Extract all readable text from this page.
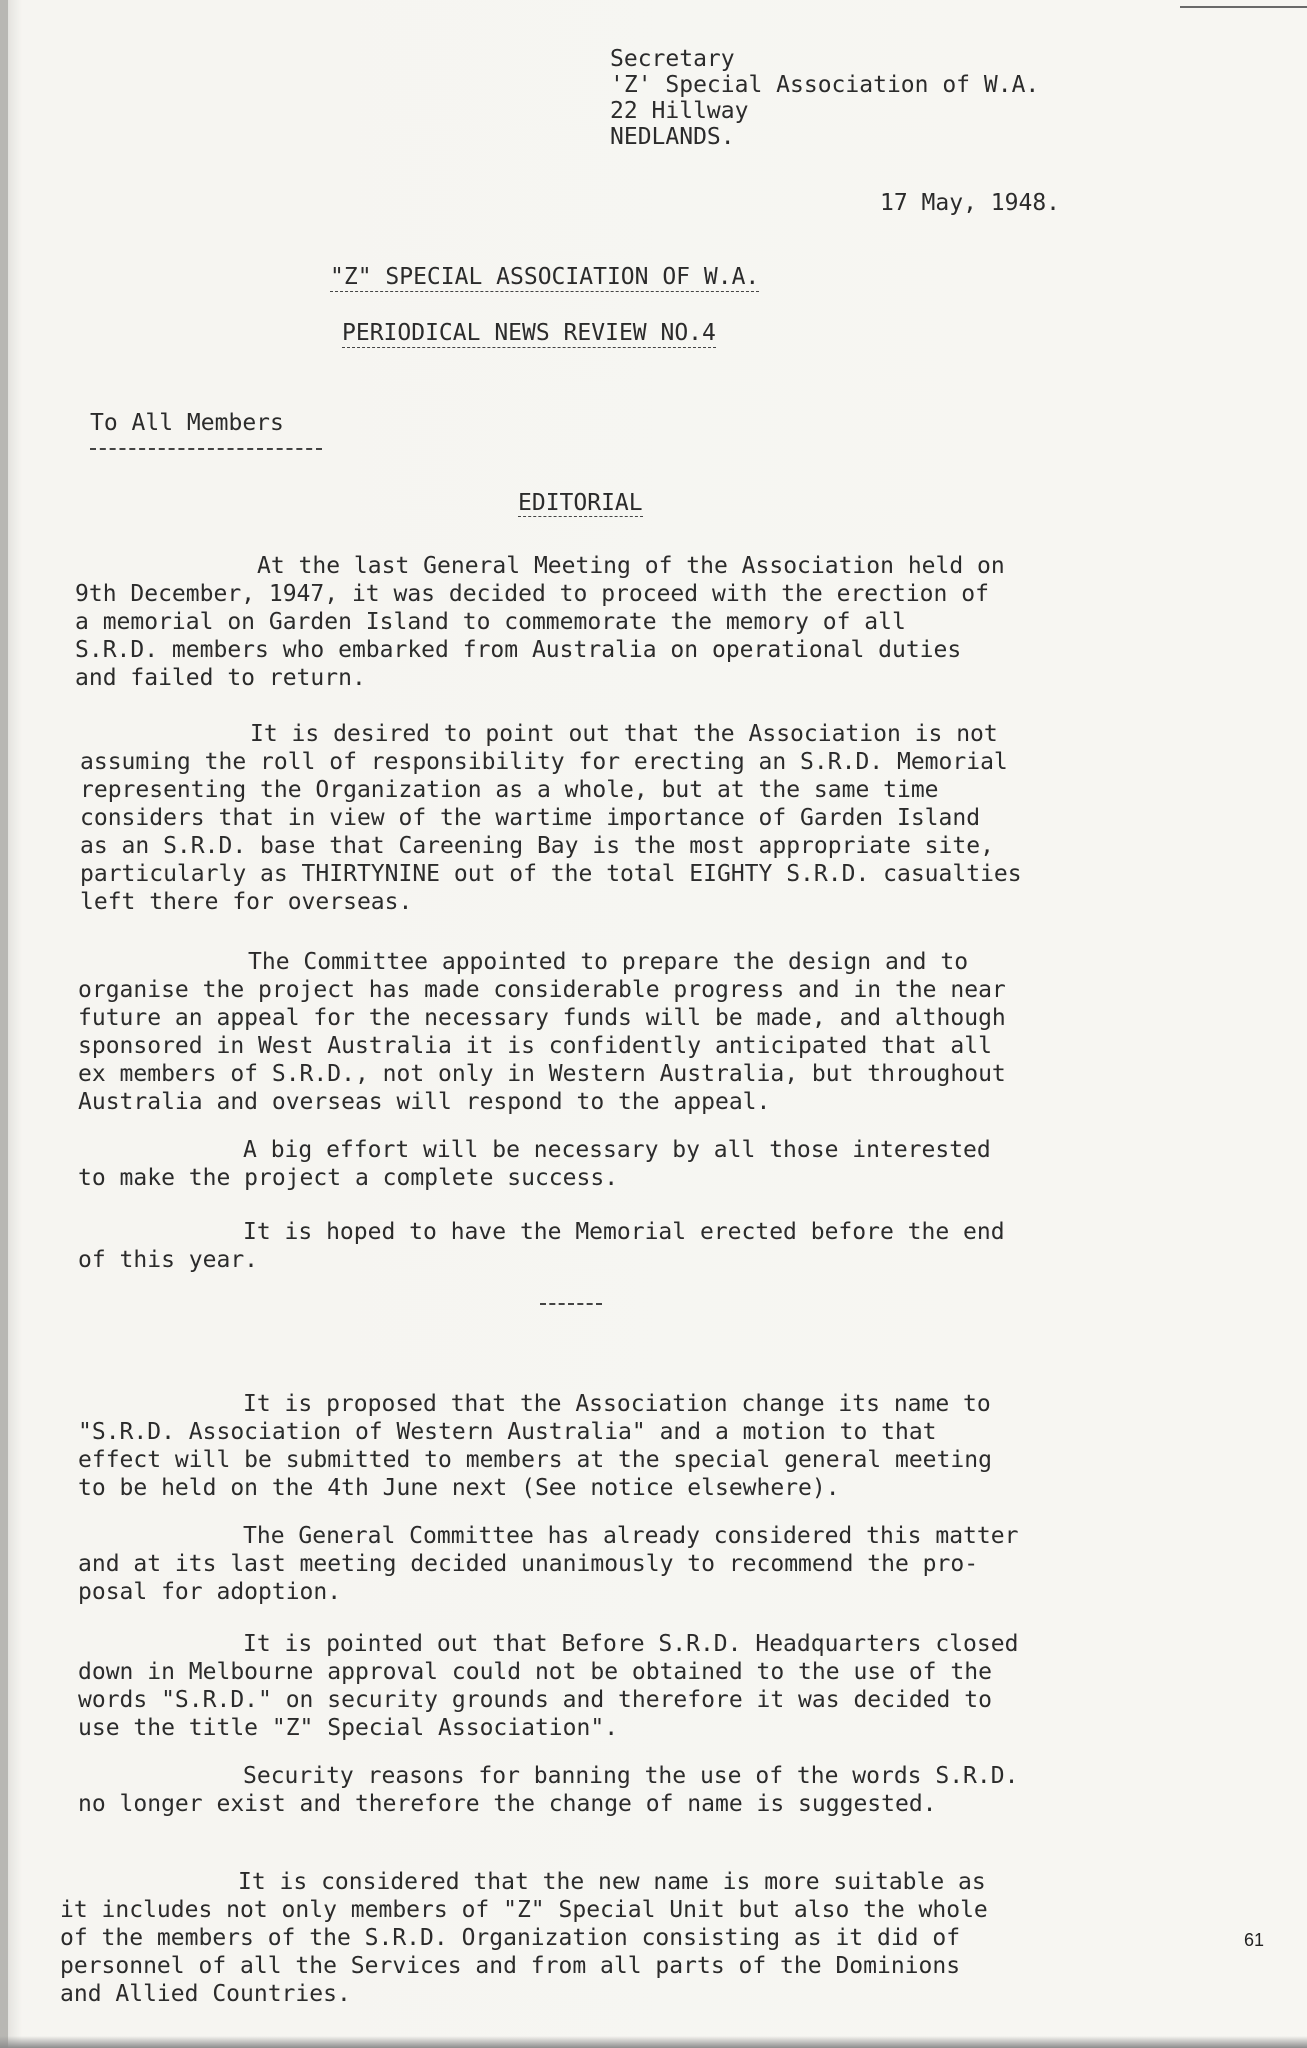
Secretary
'Z' Special Association of W.A.
22 Hillway
NEDLANDS.
17 May, 1948.
"Z" SPECIAL ASSOCIATION OF W.A.
PERIODICAL NEWS REVIEW NO.4
To All Members
EDITORIAL
At the last General Meeting of the Association held on
9th December, 1947, it was decided to proceed with the erection of
a memorial on Garden Island to commemorate the memory of all
S.R.D. members who embarked from Australia on operational duties
and failed to return.
It is desired to point out that the Association is not
assuming the roll of responsibility for erecting an S.R.D. Memorial
representing the Organization as a whole, but at the same time
considers that in view of the wartime importance of Garden Island
as an S.R.D. base that Careening Bay is the most appropriate site,
particularly as THIRTYNINE out of the total EIGHTY S.R.D. casualties
left there for overseas.
The Committee appointed to prepare the design and to
organise the project has made considerable progress and in the near
future an appeal for the necessary funds will be made, and although
sponsored in West Australia it is confidently anticipated that all
ex members of S.R.D., not only in Western Australia, but throughout
Australia and overseas will respond to the appeal.
A big effort will be necessary by all those interested
to make the project a complete success.
It is hoped to have the Memorial erected before the end
of this year.
It is proposed that the Association change its name to
"S.R.D. Association of Western Australia" and a motion to that
effect will be submitted to members at the special general meeting
to be held on the 4th June next (See notice elsewhere).
The General Committee has already considered this matter
and at its last meeting decided unanimously to recommend the pro-
posal for adoption.
It is pointed out that Before S.R.D. Headquarters closed
down in Melbourne approval could not be obtained to the use of the
words "S.R.D." on security grounds and therefore it was decided to
use the title "Z" Special Association".
Security reasons for banning the use of the words S.R.D.
no longer exist and therefore the change of name is suggested.
It is considered that the new name is more suitable as
it includes not only members of "Z" Special Unit but also the whole
of the members of the S.R.D. Organization consisting as it did of
personnel of all the Services and from all parts of the Dominions
and Allied Countries.
61
